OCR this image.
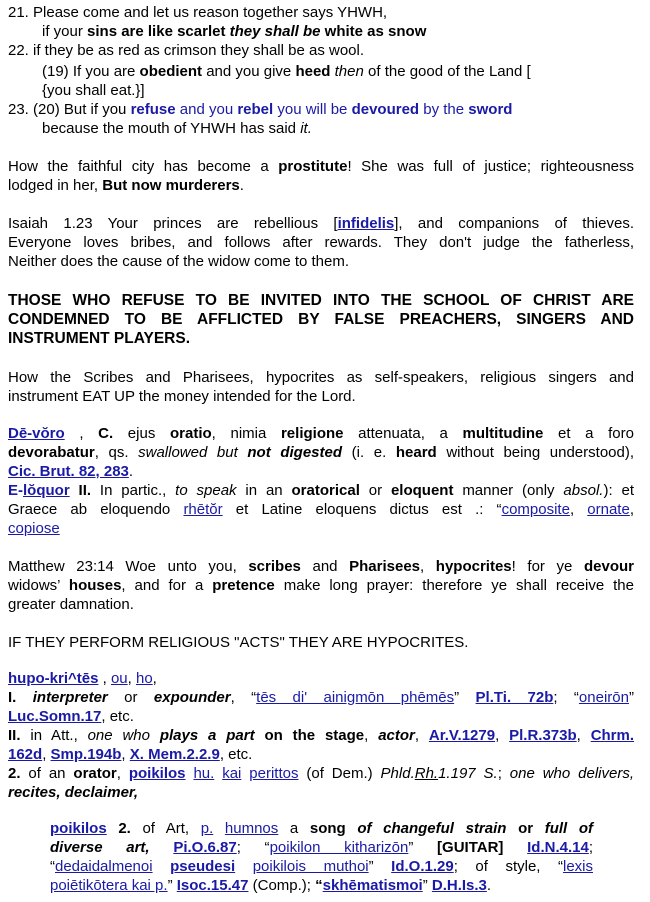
21. Please come and let us reason together says YHWH,
if your sins are like scarlet they shall be white as snow
22. if they be as red as crimson they shall be as wool.
(19) If you are obedient and you give heed then of the good of the Land [
{you shall eat.}]
23. (20) But if you refuse and you rebel you will be devoured by the sword
because the mouth of YHWH has said it.
How the faithful city has become a prostitute! She was full of justice; righteousness
lodged in her, But now murderers.
Isaiah 1.23 Your princes are rebellious [infidelis], and companions of thieves.
Everyone loves bribes, and follows after rewards. They don't judge the fatherless,
Neither does the cause of the widow come to them.
THOSE WHO REFUSE TO BE INVITED INTO THE SCHOOL OF CHRIST ARE
CONDEMNED TO BE AFFLICTED BY FALSE PREACHERS, SINGERS AND
INSTRUMENT PLAYERS.
How the Scribes and Pharisees, hypocrites as self-speakers, religious singers and
instrument EAT UP the money intended for the Lord.
Dē-vŏro , C. ejus oratio, nimia religione attenuata, a multitudine et a foro
devorabatur, qs. swallowed but not digested (i. e. heard without being understood),
Cic. Brut. 82, 283.
E-lŏquor II. In partic., to speak in an oratorical or eloquent manner (only absol.): et
Graece ab eloquendo rhētŏr et Latine eloquens dictus est .: “composite, ornate,
copiose
Matthew 23:14 Woe unto you, scribes and Pharisees, hypocrites! for ye devour
widows’ houses, and for a pretence make long prayer: therefore ye shall receive the
greater damnation.
IF THEY PERFORM RELIGIOUS "ACTS" THEY ARE HYPOCRITES.
hupo-kri^tēs , ou, ho,
I. interpreter or expounder, “tēs di' ainigmōn phēmēs” Pl.Ti. 72b; “oneirōn”
Luc.Somn.17, etc.
II. in Att., one who plays a part on the stage, actor, Ar.V.1279, Pl.R.373b, Chrm.
162d, Smp.194b, X. Mem.2.2.9, etc.
2. of an orator, poikilos hu. kai perittos (of Dem.) Phld.Rh.1.197 S.; one who delivers,
recites, declaimer,
poikilos 2. of Art, p. humnos a song of changeful strain or full of
diverse art, Pi.O.6.87; “poikilon kitharizōn” [GUITAR] Id.N.4.14;
“dedaidalmenoi pseudesi poikilois muthoi” Id.O.1.29; of style, “lexis
poiētikōtera kai p.” Isoc.15.47 (Comp.); “skhēmatismoi” D.H.Is.3.
